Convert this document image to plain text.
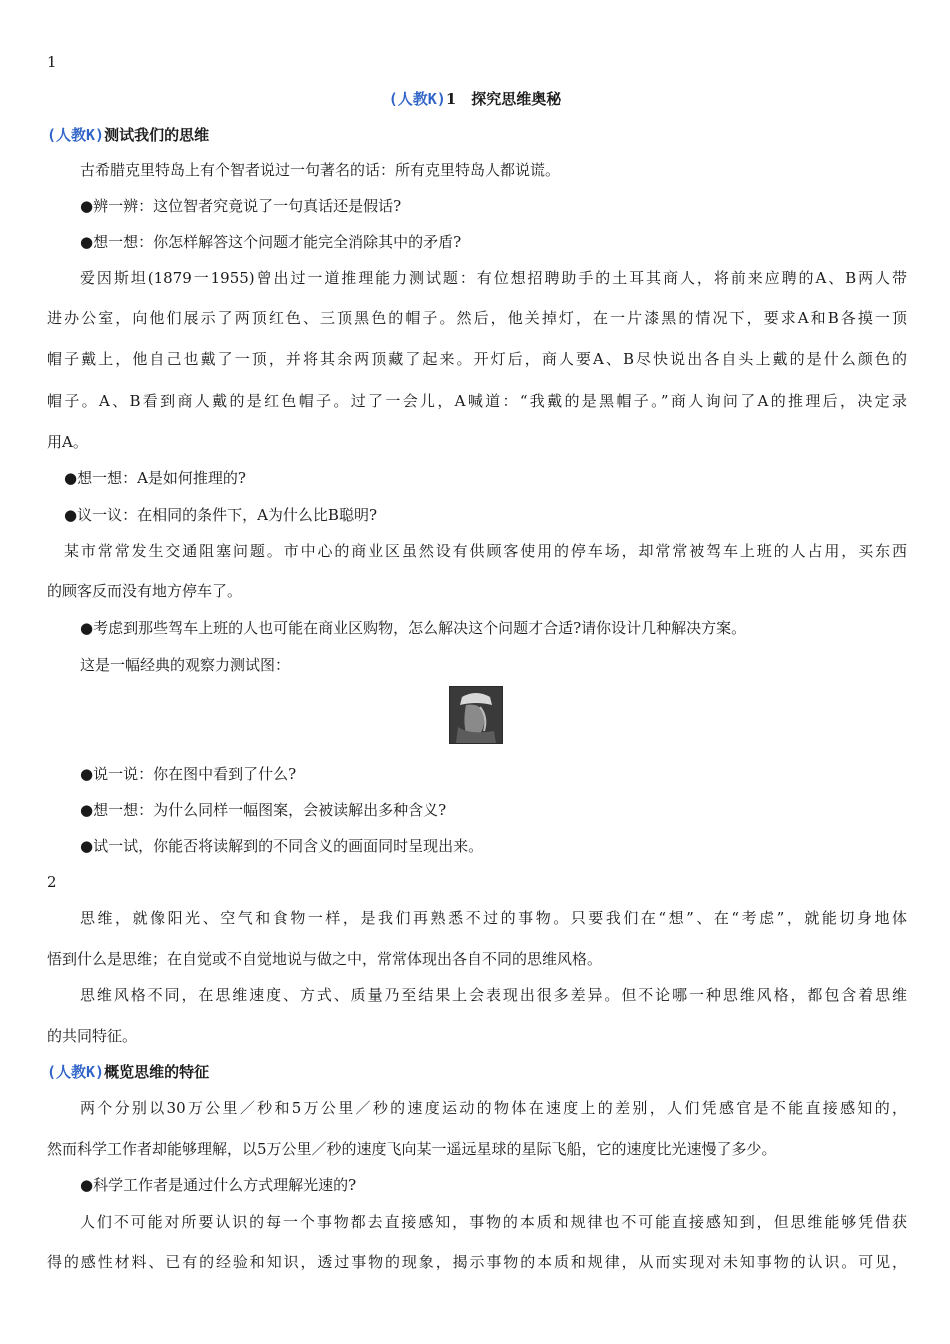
1
(人教K)1　探究思维奥秘
(人教K)测试我们的思维
古希腊克里特岛上有个智者说过一句著名的话：所有克里特岛人都说谎。
●辨一辨：这位智者究竟说了一句真话还是假话?
●想一想：你怎样解答这个问题才能完全消除其中的矛盾?
爱因斯坦(1879一1955)曾出过一道推理能力测试题：有位想招聘助手的土耳其商人，将前来应聘的A、B两人带
进办公室，向他们展示了两顶红色、三顶黑色的帽子。然后，他关掉灯，在一片漆黑的情况下，要求A和B各摸一顶
帽子戴上，他自己也戴了一顶，并将其余两顶藏了起来。开灯后，商人要A、B尽快说出各自头上戴的是什么颜色的
帽子。A、B看到商人戴的是红色帽子。过了一会儿，A喊道：“我戴的是黑帽子。”商人询问了A的推理后，决定录
用A。
●想一想：A是如何推理的?
●议一议：在相同的条件下，A为什么比B聪明?
某市常常发生交通阻塞问题。市中心的商业区虽然设有供顾客使用的停车场，却常常被驾车上班的人占用，买东西
的顾客反而没有地方停车了。
●考虑到那些驾车上班的人也可能在商业区购物，怎么解决这个问题才合适?请你设计几种解决方案。
这是一幅经典的观察力测试图：
●说一说：你在图中看到了什么?
●想一想：为什么同样一幅图案，会被读解出多种含义?
●试一试，你能否将读解到的不同含义的画面同时呈现出来。
2
思维，就像阳光、空气和食物一样，是我们再熟悉不过的事物。只要我们在“想”、在“考虑”，就能切身地体
悟到什么是思维；在自觉或不自觉地说与做之中，常常体现出各自不同的思维风格。
思维风格不同，在思维速度、方式、质量乃至结果上会表现出很多差异。但不论哪一种思维风格，都包含着思维
的共同特征。
(人教K)概览思维的特征
两个分别以30万公里／秒和5万公里／秒的速度运动的物体在速度上的差别，人们凭感官是不能直接感知的，
然而科学工作者却能够理解，以5万公里／秒的速度飞向某一遥远星球的星际飞船，它的速度比光速慢了多少。
●科学工作者是通过什么方式理解光速的?
人们不可能对所要认识的每一个事物都去直接感知，事物的本质和规律也不可能直接感知到，但思维能够凭借获
得的感性材料、已有的经验和知识，透过事物的现象，揭示事物的本质和规律，从而实现对未知事物的认识。可见，
